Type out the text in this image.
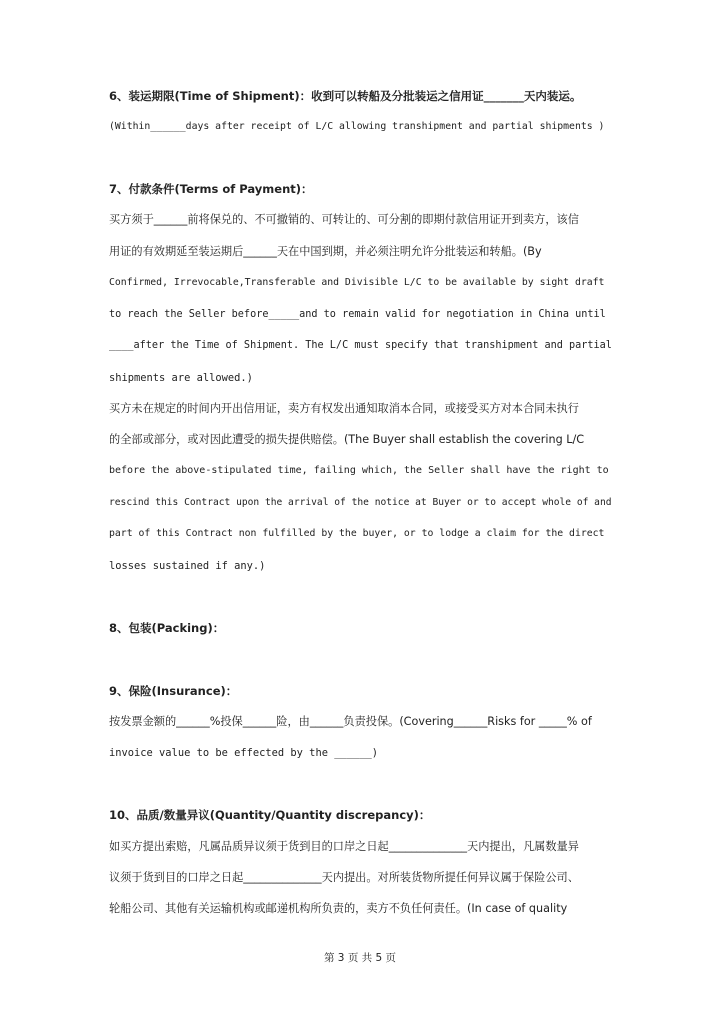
6、装运期限(Time of Shipment)：收到可以转船及分批装运之信用证_______天内装运。
(Within______days after receipt of L/C allowing transhipment and partial shipments )
7、付款条件(Terms of Payment)：
买方须于______前将保兑的、不可撤销的、可转让的、可分割的即期付款信用证开到卖方，该信
用证的有效期延至装运期后______天在中国到期，并必须注明允许分批装运和转船。(By
Confirmed, Irrevocable,Transferable and Divisible L/C to be available by sight draft
to reach the Seller before_____and to remain valid for negotiation in China until
____after the Time of Shipment. The L/C must specify that transhipment and partial
shipments are allowed.)
买方未在规定的时间内开出信用证，卖方有权发出通知取消本合同，或接受买方对本合同未执行
的全部或部分，或对因此遭受的损失提供赔偿。(The Buyer shall establish the covering L/C
before the above-stipulated time, failing which, the Seller shall have the right to
rescind this Contract upon the arrival of the notice at Buyer or to accept whole of and
part of this Contract non fulfilled by the buyer, or to lodge a claim for the direct
losses sustained if any.)
8、包装(Packing)：
9、保险(Insurance)：
按发票金额的______%投保______险，由______负责投保。(Covering______Risks for _____% of
invoice value to be effected by the ______)
10、品质/数量异议(Quantity/Quantity discrepancy)：
如买方提出索赔，凡属品质异议须于货到目的口岸之日起______________天内提出，凡属数量异
议须于货到目的口岸之日起______________天内提出。对所装货物所提任何异议属于保险公司、
轮船公司、其他有关运输机构或邮递机构所负责的，卖方不负任何责任。(In case of quality
第 3 页 共 5 页
